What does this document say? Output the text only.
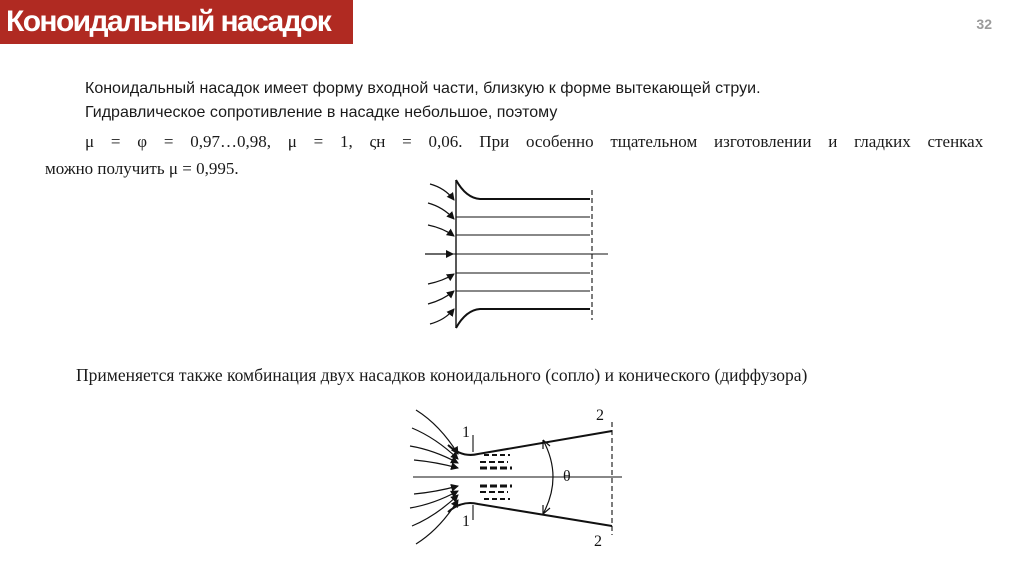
Коноидальный насадок	32
Коноидальный насадок имеет форму входной части, близкую к форме вытекающей струи.
Гидравлическое сопротивление в насадке небольшое, поэтому
μ = φ = 0,97…0,98, μ = 1, ςн = 0,06. При особенно тщательном изготовлении и гладких стенках
можно получить μ = 0,995.
Применяется также комбинация двух насадков коноидального (сопло) и конического (диффузора)
1
1
2
2
θ
